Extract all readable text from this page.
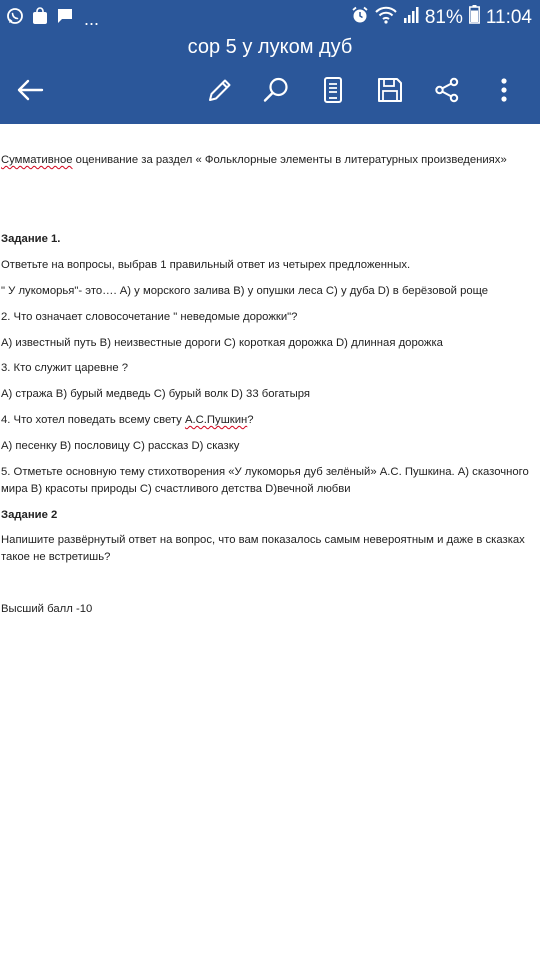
...	81% 11:04
сор 5 у луком дуб

Суммативное оценивание за раздел « Фольклорные элементы в литературных произведениях»

Задание 1.

Ответьте на вопросы, выбрав 1 правильный ответ из четырех предложенных.

" У лукоморья"- это…. А) у морского залива В) у опушки леса С) у дуба D) в берёзовой роще

2. Что означает словосочетание " неведомые дорожки"?

А) известный путь В) неизвестные дороги С) короткая дорожка D) длинная дорожка

3. Кто служит царевне ?

А) стража В) бурый медведь С) бурый волк D) 33 богатыря

4. Что хотел поведать всему свету А.С.Пушкин?

А) песенку В) пословицу С) рассказ D) сказку

5. Отметьте основную тему стихотворения «У лукоморья дуб зелёный» А.С. Пушкина. А) сказочного мира В) красоты природы С) счастливого детства D)вечной любви

Задание 2

Напишите развёрнутый ответ на вопрос, что вам показалось самым невероятным и даже в сказках такое не встретишь?

Высший балл -10
